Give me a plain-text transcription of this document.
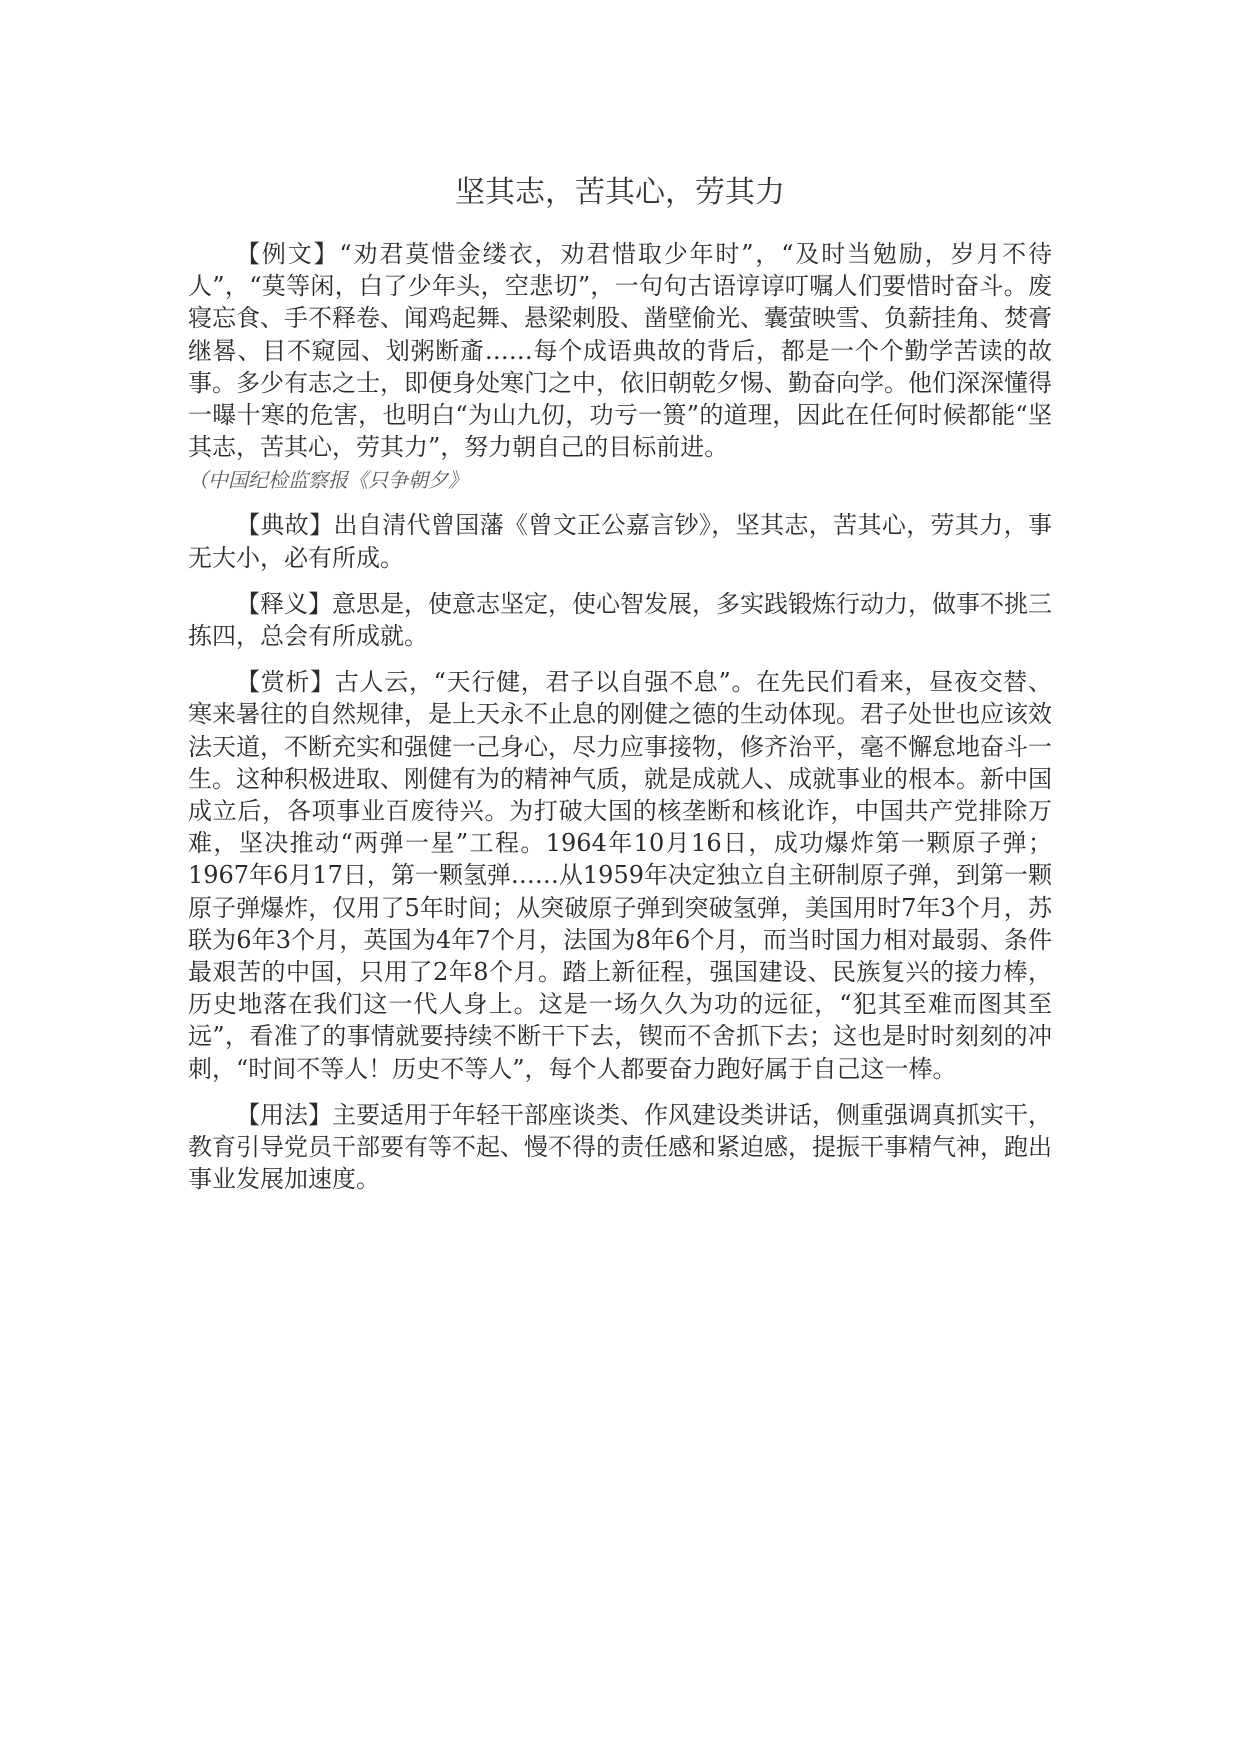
坚其志，苦其心，劳其力

【例文】“劝君莫惜金缕衣，劝君惜取少年时”，“及时当勉励，岁月不待人”，“莫等闲，白了少年头，空悲切”，一句句古语谆谆叮嘱人们要惜时奋斗。废寝忘食、手不释卷、闻鸡起舞、悬梁刺股、凿壁偷光、囊萤映雪、负薪挂角、焚膏继晷、目不窥园、划粥断齑……每个成语典故的背后，都是一个个勤学苦读的故事。多少有志之士，即便身处寒门之中，依旧朝乾夕惕、勤奋向学。他们深深懂得一曝十寒的危害，也明白“为山九仞，功亏一篑”的道理，因此在任何时候都能“坚其志，苦其心，劳其力”，努力朝自己的目标前进。
（中国纪检监察报《只争朝夕》

【典故】出自清代曾国藩《曾文正公嘉言钞》，坚其志，苦其心，劳其力，事无大小，必有所成。

【释义】意思是，使意志坚定，使心智发展，多实践锻炼行动力，做事不挑三拣四，总会有所成就。

【赏析】古人云，“天行健，君子以自强不息”。在先民们看来，昼夜交替、寒来暑往的自然规律，是上天永不止息的刚健之德的生动体现。君子处世也应该效法天道，不断充实和强健一己身心，尽力应事接物，修齐治平，毫不懈怠地奋斗一生。这种积极进取、刚健有为的精神气质，就是成就人、成就事业的根本。新中国成立后，各项事业百废待兴。为打破大国的核垄断和核讹诈，中国共产党排除万难，坚决推动“两弹一星”工程。1964年10月16日，成功爆炸第一颗原子弹；1967年6月17日，第一颗氢弹……从1959年决定独立自主研制原子弹，到第一颗原子弹爆炸，仅用了5年时间；从突破原子弹到突破氢弹，美国用时7年3个月，苏联为6年3个月，英国为4年7个月，法国为8年6个月，而当时国力相对最弱、条件最艰苦的中国，只用了2年8个月。踏上新征程，强国建设、民族复兴的接力棒，历史地落在我们这一代人身上。这是一场久久为功的远征，“犯其至难而图其至远”，看准了的事情就要持续不断干下去，锲而不舍抓下去；这也是时时刻刻的冲刺，“时间不等人！历史不等人”，每个人都要奋力跑好属于自己这一棒。

【用法】主要适用于年轻干部座谈类、作风建设类讲话，侧重强调真抓实干，教育引导党员干部要有等不起、慢不得的责任感和紧迫感，提振干事精气神，跑出事业发展加速度。
